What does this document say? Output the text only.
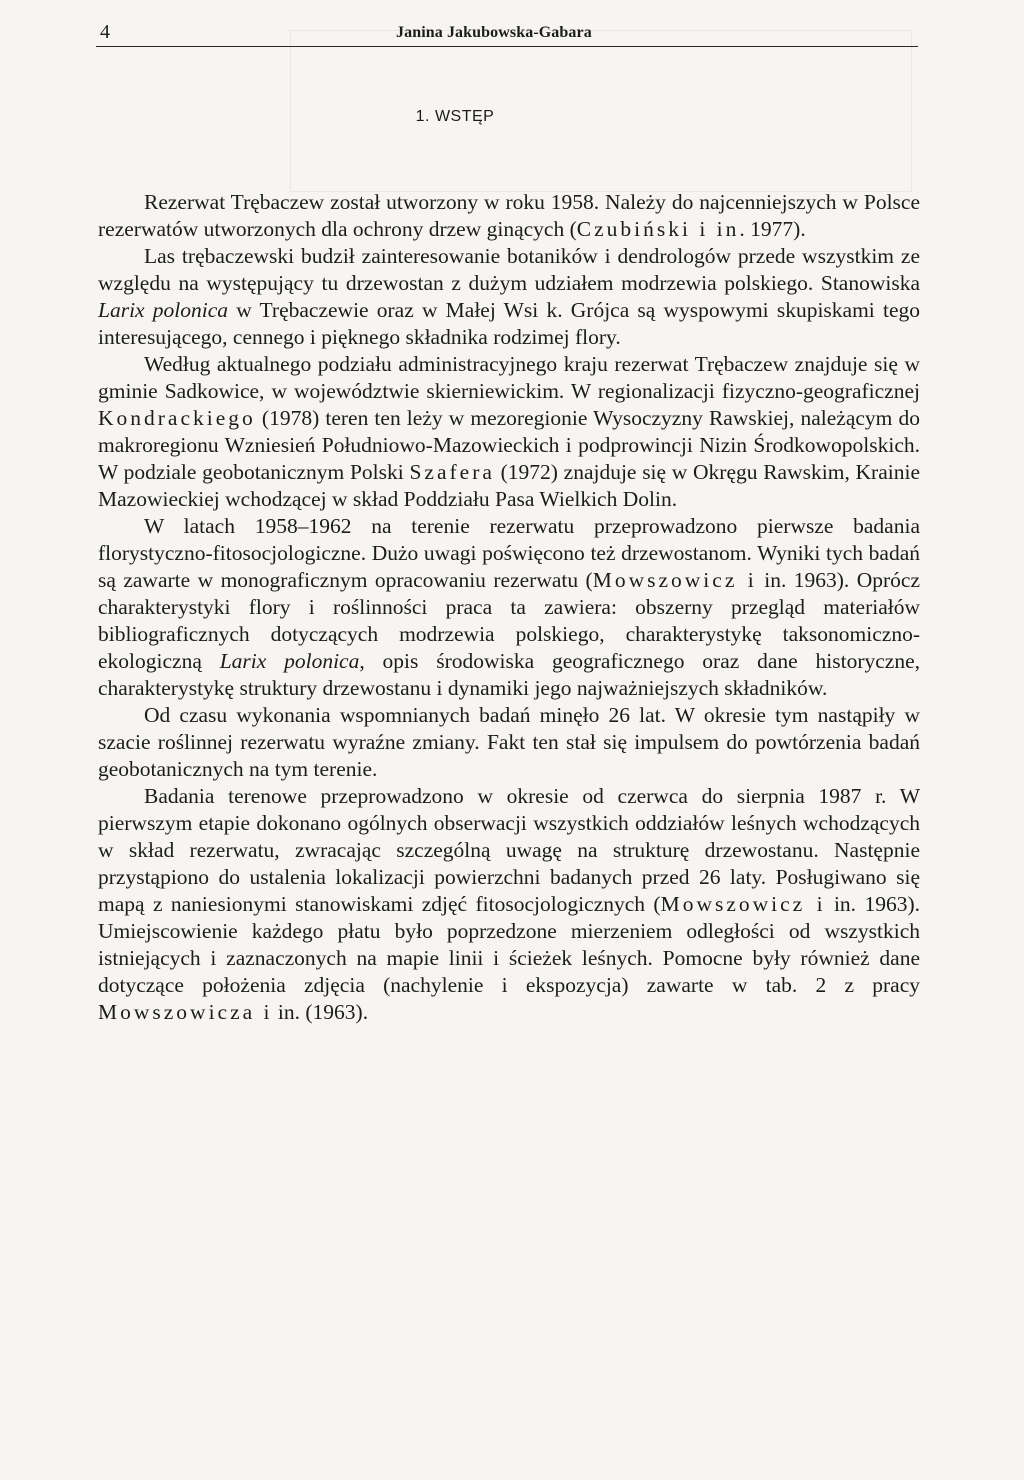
4	Janina Jakubowska-Gabara
1. WSTĘP

Rezerwat Trębaczew został utworzony w roku 1958. Należy do najcenniejszych w Polsce rezerwatów utworzonych dla ochrony drzew ginących (Czubiński i in. 1977).

Las trębaczewski budził zainteresowanie botaników i dendrologów przede wszystkim ze względu na występujący tu drzewostan z dużym udziałem modrzewia polskiego. Stanowiska Larix polonica w Trębaczewie oraz w Małej Wsi k. Grójca są wyspowymi skupiskami tego interesującego, cennego i pięknego składnika rodzimej flory.

Według aktualnego podziału administracyjnego kraju rezerwat Trębaczew znajduje się w gminie Sadkowice, w województwie skierniewickim. W regionalizacji fizyczno-geograficznej Kondrackiego (1978) teren ten leży w mezoregionie Wysoczyzny Rawskiej, należącym do makroregionu Wzniesień Południowo-Mazowieckich i podprowincji Nizin Środkowopolskich. W podziale geobotanicznym Polski Szafera (1972) znajduje się w Okręgu Rawskim, Krainie Mazowieckiej wchodzącej w skład Poddziału Pasa Wielkich Dolin.

W latach 1958–1962 na terenie rezerwatu przeprowadzono pierwsze badania florystyczno-fitosocjologiczne. Dużo uwagi poświęcono też drzewostanom. Wyniki tych badań są zawarte w monograficznym opracowaniu rezerwatu (Mowszowicz i in. 1963). Oprócz charakterystyki flory i roślinności praca ta zawiera: obszerny przegląd materiałów bibliograficznych dotyczących modrzewia polskiego, charakterystykę taksonomiczno-ekologiczną Larix polonica, opis środowiska geograficznego oraz dane historyczne, charakterystykę struktury drzewostanu i dynamiki jego najważniejszych składników.

Od czasu wykonania wspomnianych badań minęło 26 lat. W okresie tym nastąpiły w szacie roślinnej rezerwatu wyraźne zmiany. Fakt ten stał się impulsem do powtórzenia badań geobotanicznych na tym terenie.

Badania terenowe przeprowadzono w okresie od czerwca do sierpnia 1987 r. W pierwszym etapie dokonano ogólnych obserwacji wszystkich oddziałów leśnych wchodzących w skład rezerwatu, zwracając szczególną uwagę na strukturę drzewostanu. Następnie przystąpiono do ustalenia lokalizacji powierzchni badanych przed 26 laty. Posługiwano się mapą z naniesionymi stanowiskami zdjęć fitosocjologicznych (Mowszowicz i in. 1963). Umiejscowienie każdego płatu było poprzedzone mierzeniem odległości od wszystkich istniejących i zaznaczonych na mapie linii i ścieżek leśnych. Pomocne były również dane dotyczące położenia zdjęcia (nachylenie i ekspozycja) zawarte w tab. 2 z pracy Mowszowicza i in. (1963).
